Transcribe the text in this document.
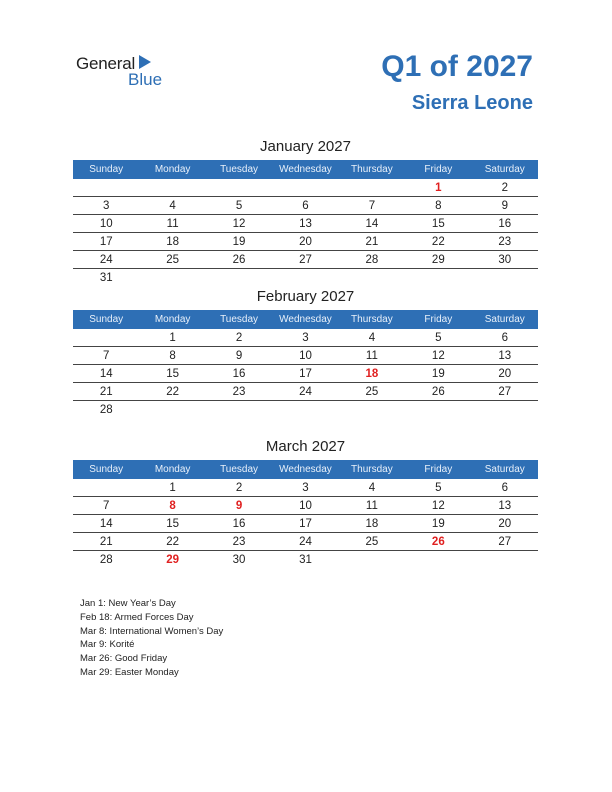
General
Blue	Q1 of 2027
Sierra Leone
January 2027
Sunday	Monday	Tuesday	Wednesday	Thursday	Friday	Saturday
					1	2
3	4	5	6	7	8	9
10	11	12	13	14	15	16
17	18	19	20	21	22	23
24	25	26	27	28	29	30
31						
February 2027
Sunday	Monday	Tuesday	Wednesday	Thursday	Friday	Saturday
	1	2	3	4	5	6
7	8	9	10	11	12	13
14	15	16	17	18	19	20
21	22	23	24	25	26	27
28						
March 2027
Sunday	Monday	Tuesday	Wednesday	Thursday	Friday	Saturday
	1	2	3	4	5	6
7	8	9	10	11	12	13
14	15	16	17	18	19	20
21	22	23	24	25	26	27
28	29	30	31			
Jan 1: New Year’s Day
Feb 18: Armed Forces Day
Mar 8: International Women’s Day
Mar 9: Korité
Mar 26: Good Friday
Mar 29: Easter Monday
